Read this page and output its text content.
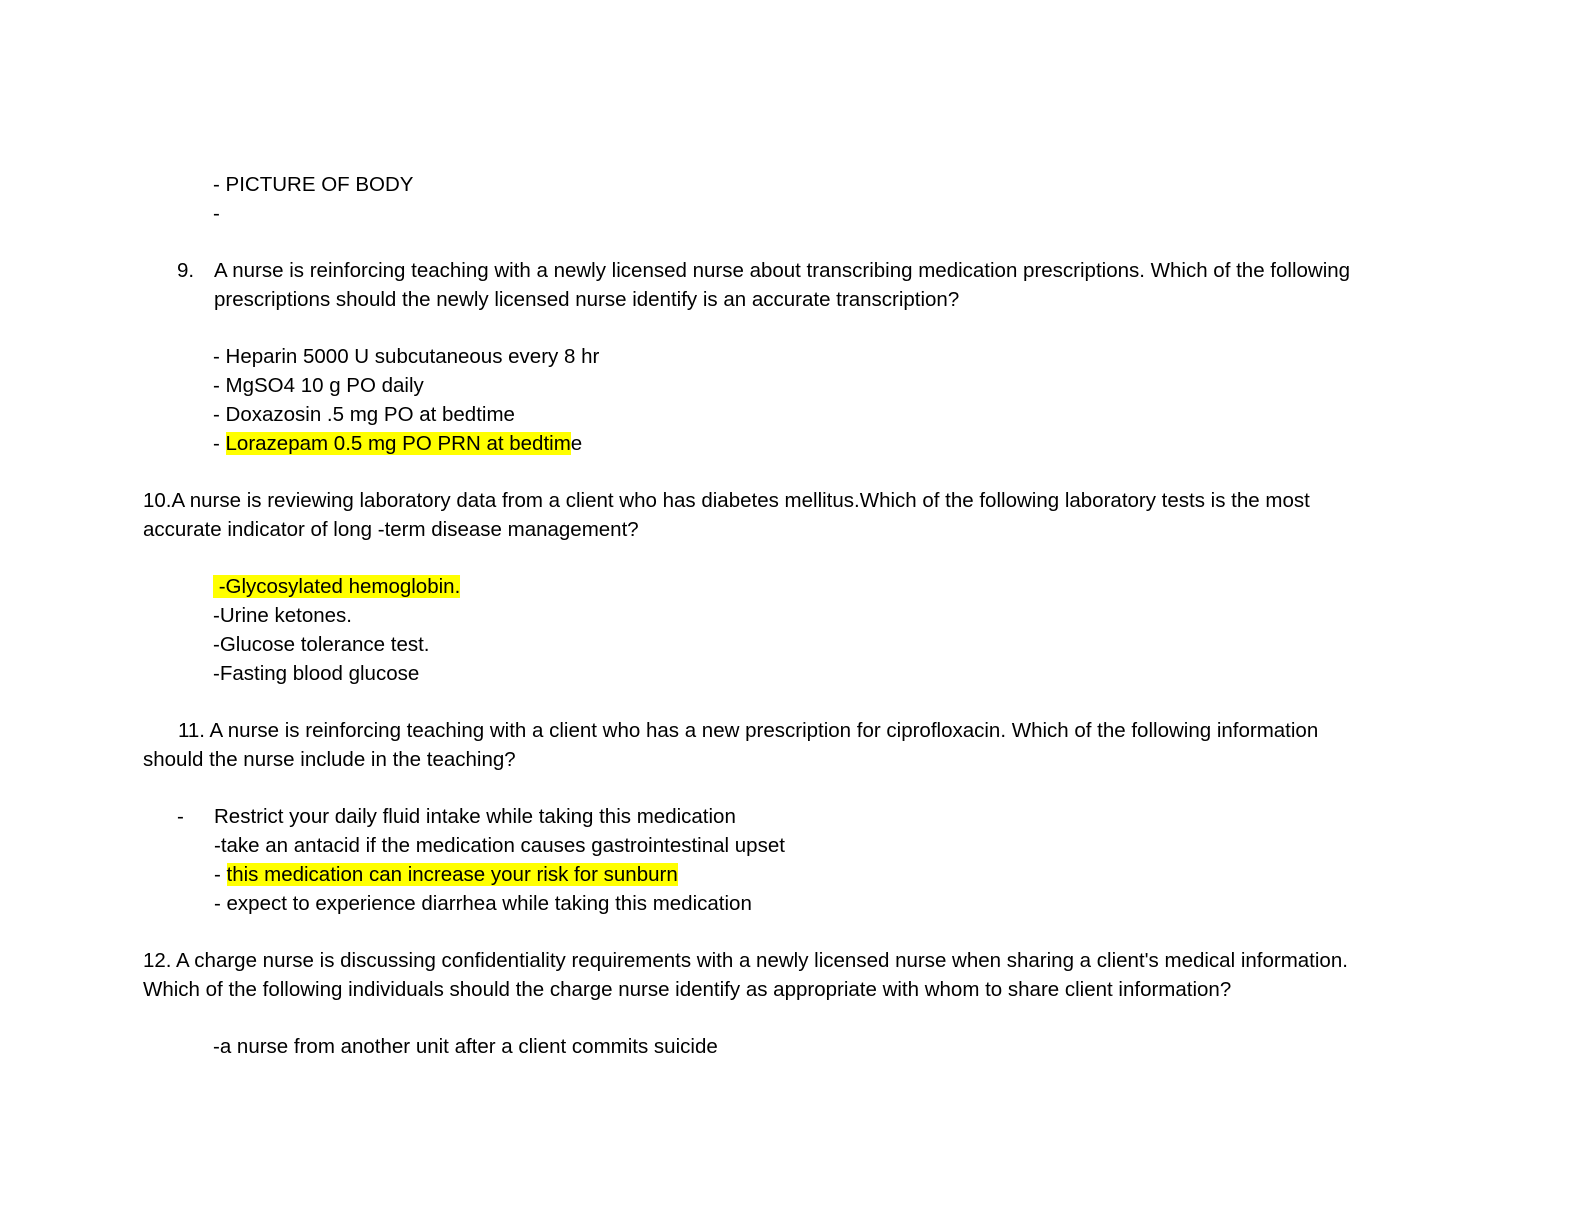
- PICTURE OF BODY
-
9. A nurse is reinforcing teaching with a newly licensed nurse about transcribing medication prescriptions. Which of the following
prescriptions should the newly licensed nurse identify is an accurate transcription?
- Heparin 5000 U subcutaneous every 8 hr
- MgSO4 10 g PO daily
- Doxazosin .5 mg PO at bedtime
- Lorazepam 0.5 mg PO PRN at bedtime
10.A nurse is reviewing laboratory data from a client who has diabetes mellitus.Which of the following laboratory tests is the most
accurate indicator of long -term disease management?
-Glycosylated hemoglobin.
-Urine ketones.
-Glucose tolerance test.
-Fasting blood glucose
11. A nurse is reinforcing teaching with a client who has a new prescription for ciprofloxacin. Which of the following information
should the nurse include in the teaching?
- Restrict your daily fluid intake while taking this medication
-take an antacid if the medication causes gastrointestinal upset
- this medication can increase your risk for sunburn
- expect to experience diarrhea while taking this medication
12. A charge nurse is discussing confidentiality requirements with a newly licensed nurse when sharing a client's medical information.
Which of the following individuals should the charge nurse identify as appropriate with whom to share client information?
-a nurse from another unit after a client commits suicide
